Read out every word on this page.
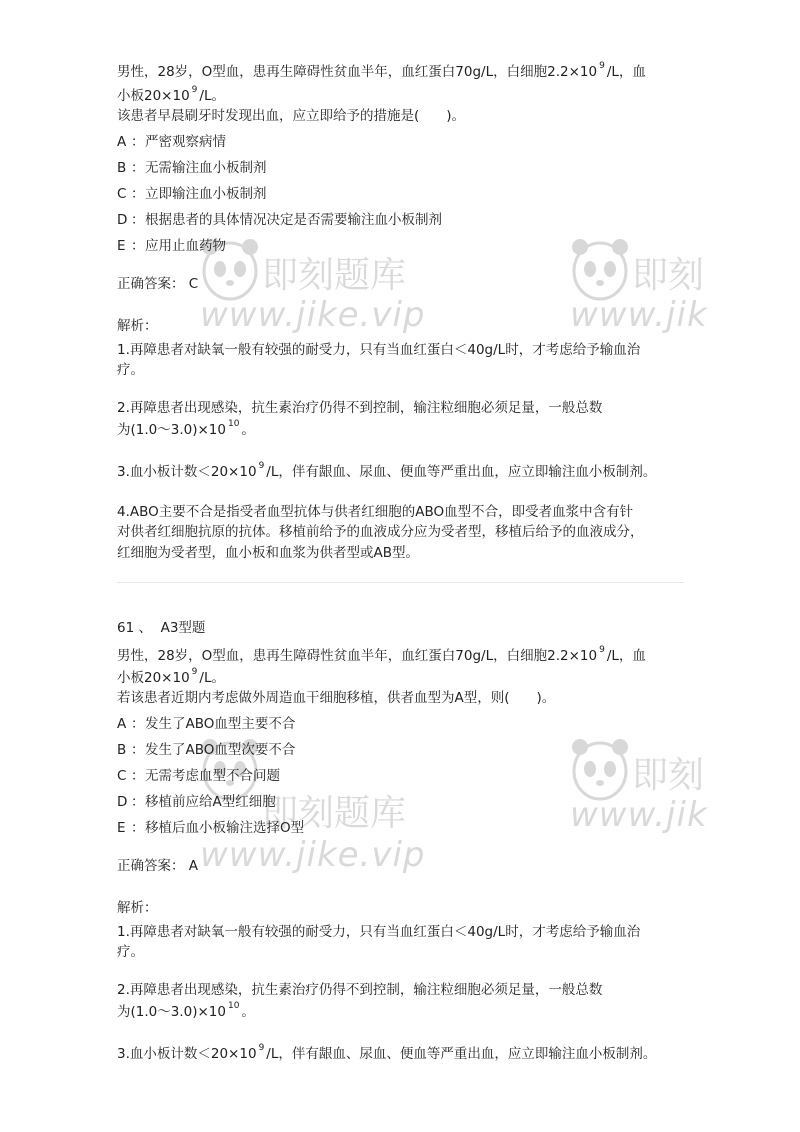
即刻题库
www.jike.vip
即刻
www.jik
即刻题库
www.jike.vip
即刻
www.jik
男性，28岁，O型血，患再生障碍性贫血半年，血红蛋白70g/L，白细胞2.2×10 $^9$ /L，血
小板20×10 $^9$ /L。
该患者早晨刷牙时发现出血，应立即给予的措施是(　　)。
A ：严密观察病情
B ：无需输注血小板制剂
C ：立即输注血小板制剂
D ：根据患者的具体情况决定是否需要输注血小板制剂
E ：应用止血药物
正确答案： C
解析：
1.再障患者对缺氧一般有较强的耐受力，只有当血红蛋白＜40g/L时，才考虑给予输血治
疗。
2.再障患者出现感染，抗生素治疗仍得不到控制，输注粒细胞必须足量，一般总数
为(1.0～3.0)×10 $^{10}$ 。
3.血小板计数＜20×10 $^9$ /L，伴有龈血、尿血、便血等严重出血，应立即输注血小板制剂。
4.ABO主要不合是指受者血型抗体与供者红细胞的ABO血型不合，即受者血浆中含有针
对供者红细胞抗原的抗体。移植前给予的血液成分应为受者型，移植后给予的血液成分，
红细胞为受者型，血小板和血浆为供者型或AB型。
61 、 A3型题
男性，28岁，O型血，患再生障碍性贫血半年，血红蛋白70g/L，白细胞2.2×10 $^9$ /L，血
小板20×10 $^9$ /L。
若该患者近期内考虑做外周造血干细胞移植，供者血型为A型，则(　　)。
A ：发生了ABO血型主要不合
B ：发生了ABO血型次要不合
C ：无需考虑血型不合问题
D ：移植前应给A型红细胞
E ：移植后血小板输注选择O型
正确答案： A
解析：
1.再障患者对缺氧一般有较强的耐受力，只有当血红蛋白＜40g/L时，才考虑给予输血治
疗。
2.再障患者出现感染，抗生素治疗仍得不到控制，输注粒细胞必须足量，一般总数
为(1.0～3.0)×10 $^{10}$ 。
3.血小板计数＜20×10 $^9$ /L，伴有龈血、尿血、便血等严重出血，应立即输注血小板制剂。
